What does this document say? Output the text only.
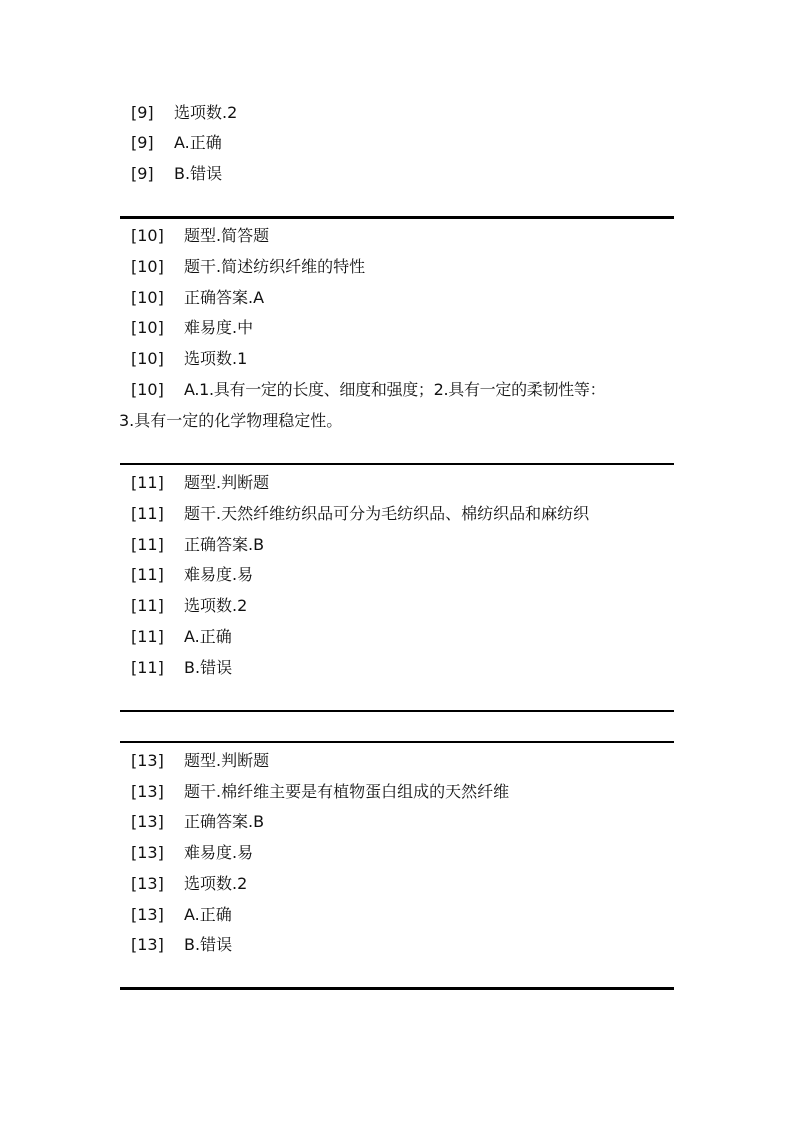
[9] 选项数.2
[9] A.正确
[9] B.错误
[10] 题型.简答题
[10] 题干.简述纺织纤维的特性
[10] 正确答案.A
[10] 难易度.中
[10] 选项数.1
[10] A.1.具有一定的长度、细度和强度；2.具有一定的柔韧性等：
3.具有一定的化学物理稳定性。
[11] 题型.判断题
[11] 题干.天然纤维纺织品可分为毛纺织品、棉纺织品和麻纺织
[11] 正确答案.B
[11] 难易度.易
[11] 选项数.2
[11] A.正确
[11] B.错误
[13] 题型.判断题
[13] 题干.棉纤维主要是有植物蛋白组成的天然纤维
[13] 正确答案.B
[13] 难易度.易
[13] 选项数.2
[13] A.正确
[13] B.错误
